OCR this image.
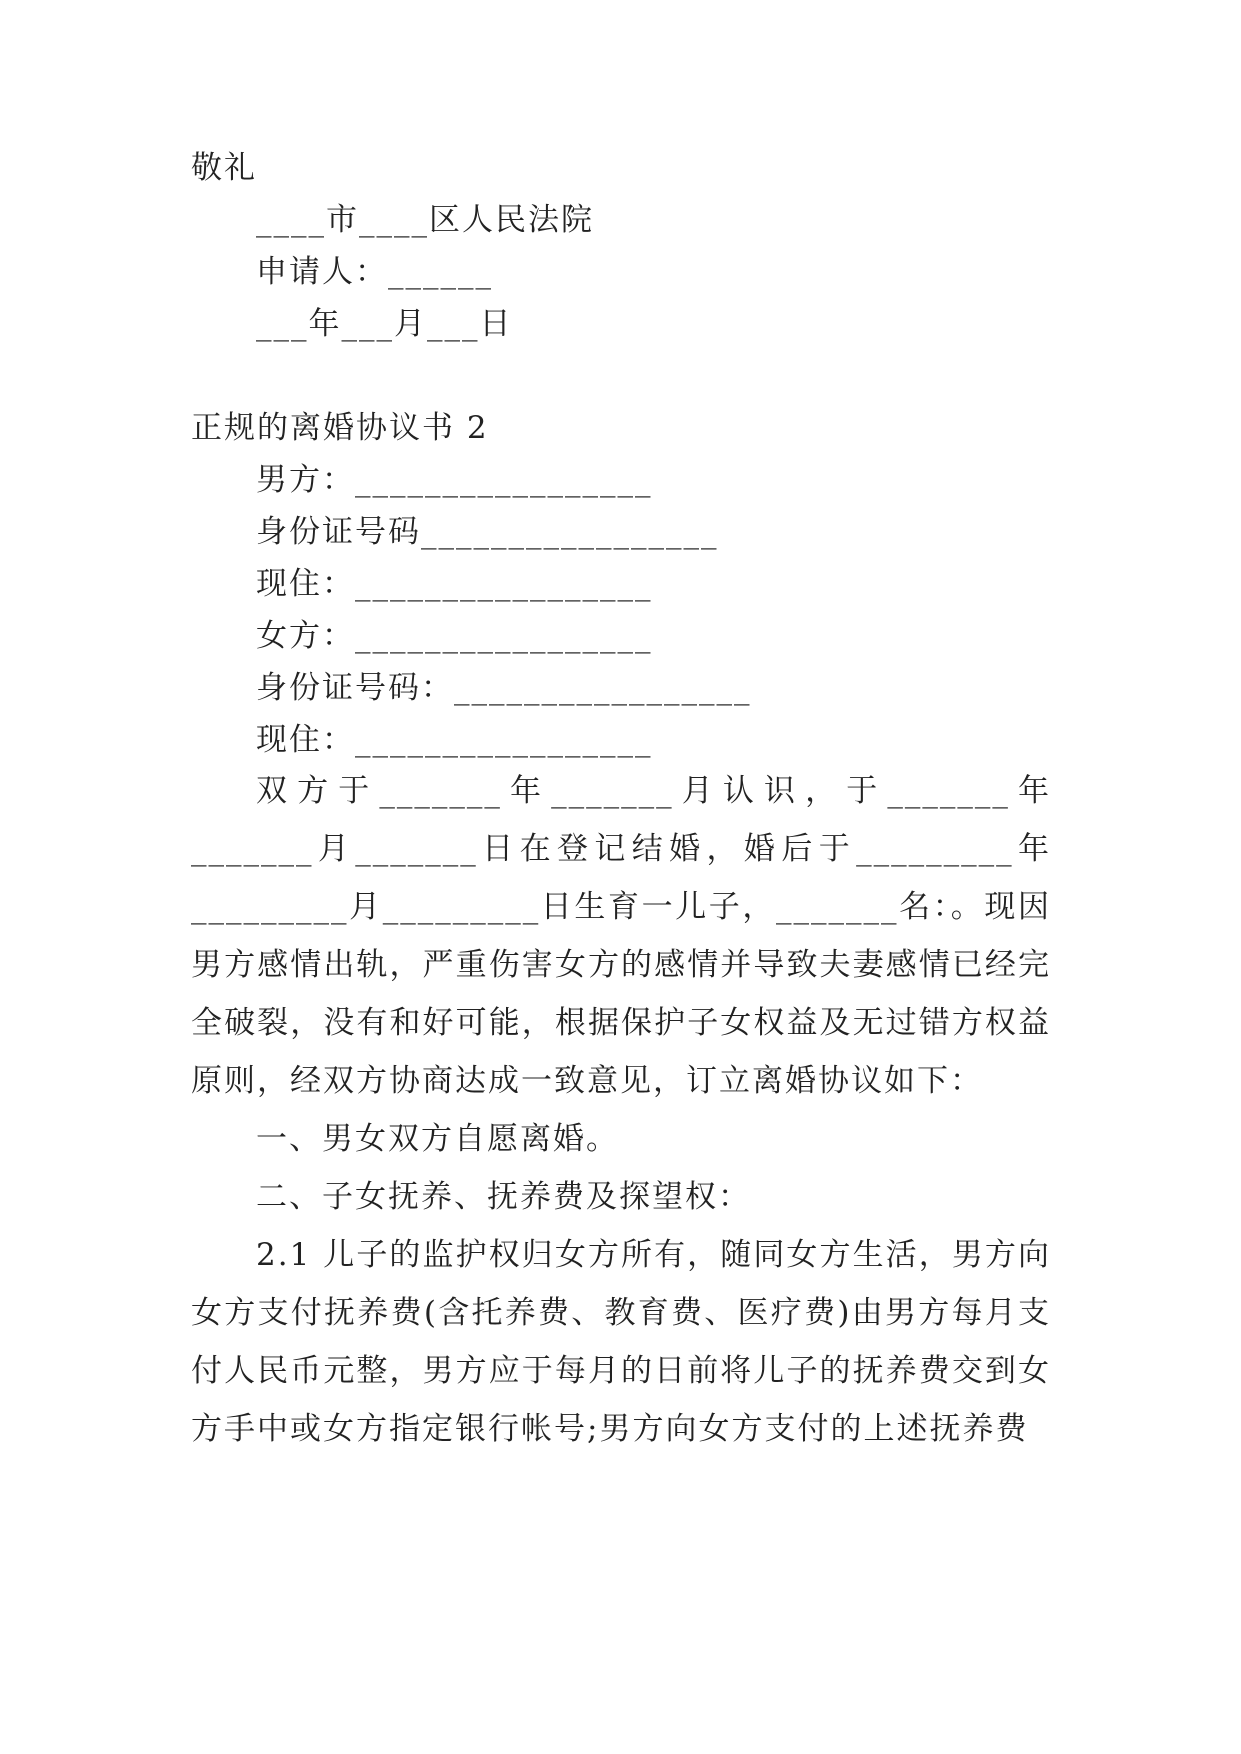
敬礼
____市____区人民法院
申请人：______
___年___月___日
正规的离婚协议书 2
男方：_________________
身份证号码_________________
现住：_________________
女方：_________________
身份证号码：_________________
现住：_________________

双方于_______年_______月认识，于_______年_______月_______日在登记结婚，婚后于_________年_________月_________日生育一儿子，_______名：。现因男方感情出轨，严重伤害女方的感情并导致夫妻感情已经完全破裂，没有和好可能，根据保护子女权益及无过错方权益原则，经双方协商达成一致意见，订立离婚协议如下：

一、男女双方自愿离婚。

二、子女抚养、抚养费及探望权：

2.1 儿子的监护权归女方所有，随同女方生活，男方向女方支付抚养费(含托养费、教育费、医疗费)由男方每月支付人民币元整，男方应于每月的日前将儿子的抚养费交到女方手中或女方指定银行帐号;男方向女方支付的上述抚养费
